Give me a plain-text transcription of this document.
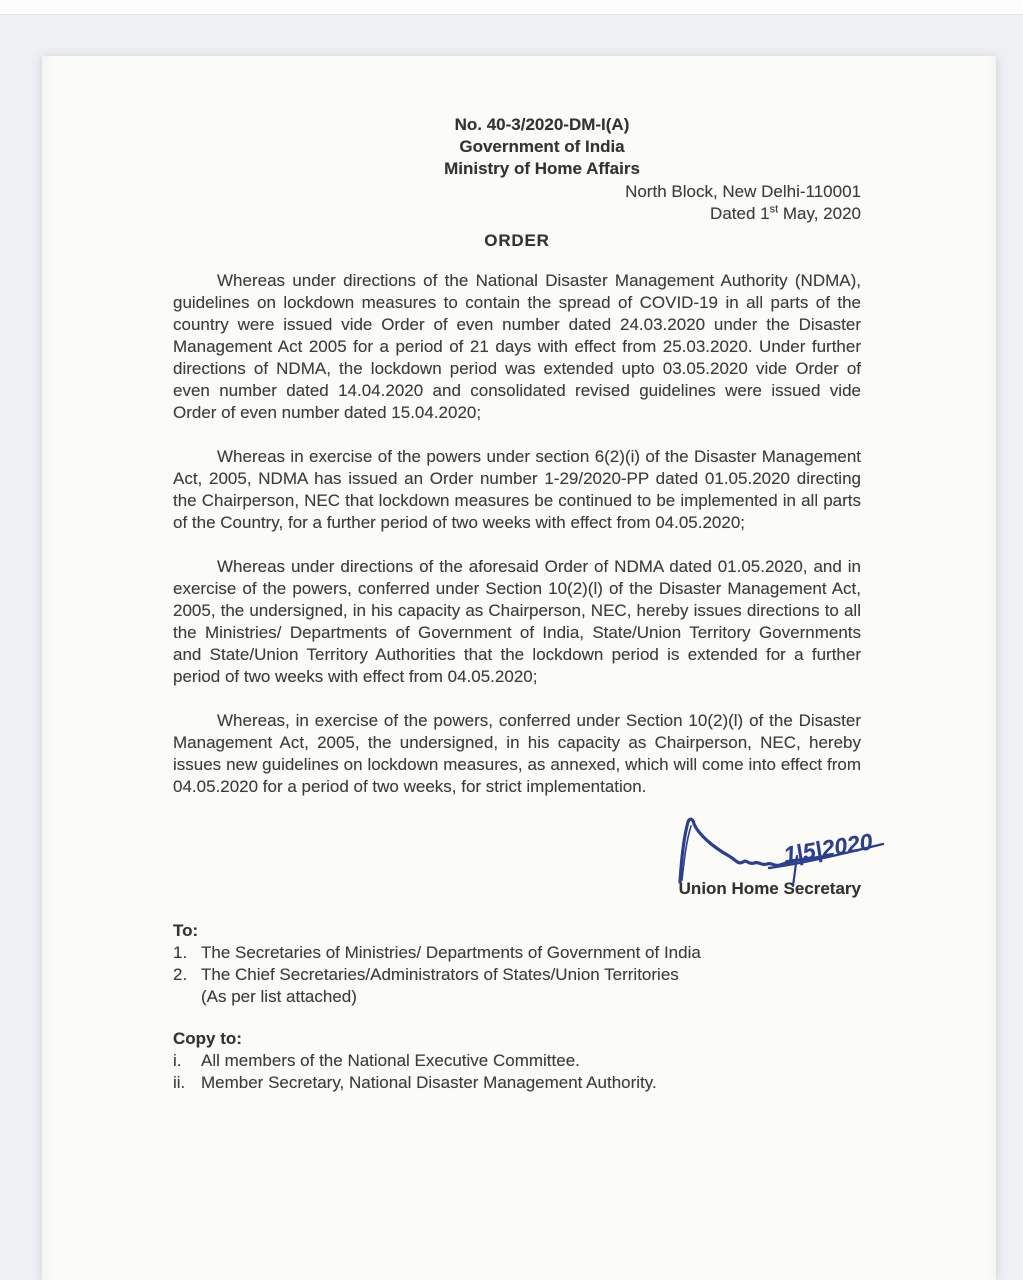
No. 40-3/2020-DM-I(A)
Government of India
Ministry of Home Affairs
North Block, New Delhi-110001
Dated 1st May, 2020
ORDER

Whereas under directions of the National Disaster Management Authority (NDMA), guidelines on lockdown measures to contain the spread of COVID-19 in all parts of the country were issued vide Order of even number dated 24.03.2020 under the Disaster Management Act 2005 for a period of 21 days with effect from 25.03.2020. Under further directions of NDMA, the lockdown period was extended upto 03.05.2020 vide Order of even number dated 14.04.2020 and consolidated revised guidelines were issued vide Order of even number dated 15.04.2020;

Whereas in exercise of the powers under section 6(2)(i) of the Disaster Management Act, 2005, NDMA has issued an Order number 1-29/2020-PP dated 01.05.2020 directing the Chairperson, NEC that lockdown measures be continued to be implemented in all parts of the Country, for a further period of two weeks with effect from 04.05.2020;

Whereas under directions of the aforesaid Order of NDMA dated 01.05.2020, and in exercise of the powers, conferred under Section 10(2)(l) of the Disaster Management Act, 2005, the undersigned, in his capacity as Chairperson, NEC, hereby issues directions to all the Ministries/ Departments of Government of India, State/Union Territory Governments and State/Union Territory Authorities that the lockdown period is extended for a further period of two weeks with effect from 04.05.2020;

Whereas, in exercise of the powers, conferred under Section 10(2)(l) of the Disaster Management Act, 2005, the undersigned, in his capacity as Chairperson, NEC, hereby issues new guidelines on lockdown measures, as annexed, which will come into effect from 04.05.2020 for a period of two weeks, for strict implementation.

1|5|2020
Union Home Secretary
To:
1. The Secretaries of Ministries/ Departments of Government of India
2. The Chief Secretaries/Administrators of States/Union Territories
(As per list attached)
Copy to:
i.	All members of the National Executive Committee.
ii. Member Secretary, National Disaster Management Authority.
